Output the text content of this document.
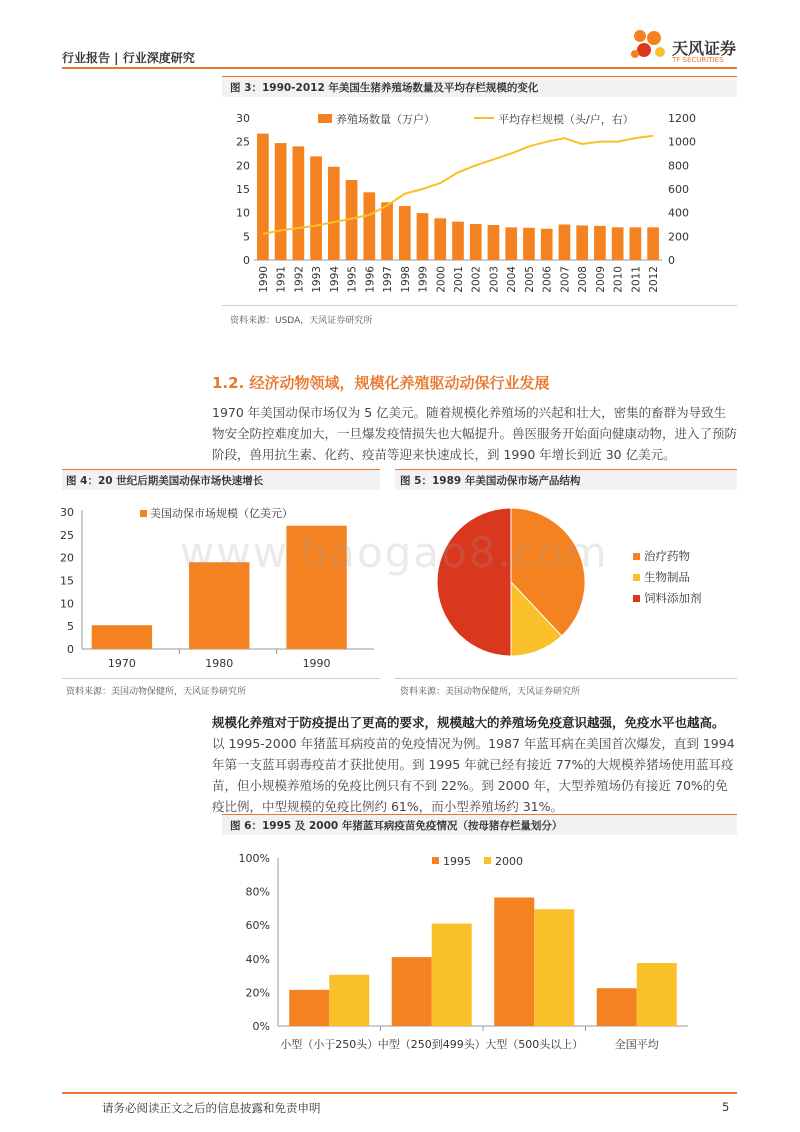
行业报告 | 行业深度研究	天风证券
TF SECURITIES
图 3：1990-2012 年美国生猪养殖场数量及平均存栏规模的变化
0
5
10
15
20
25
30
0
200
400
600
800
1000
1200
1990 1991 1992 1993 1994 1995 1996 1997 1998 1999 2000 2001 2002 2003 2004 2005 2006 2007 2008 2009 2010 2011 2012
养殖场数量（万户）	平均存栏规模（头/户，右）
资料来源：USDA，天风证券研究所
1.2. 经济动物领域，规模化养殖驱动动保行业发展
1970 年美国动保市场仅为 5 亿美元。随着规模化养殖场的兴起和壮大，密集的畜群为导致生物安全防控难度加大，一旦爆发疫情损失也大幅提升。兽医服务开始面向健康动物，进入了预防阶段，兽用抗生素、化药、疫苗等迎来快速成长，到 1990 年增长到近 30 亿美元。
图 4：20 世纪后期美国动保市场快速增长
0
5
10
15
20
25
30
1970	1980	1990
美国动保市场规模（亿美元）
资料来源：美国动物保健所，天风证券研究所
图 5：1989 年美国动保市场产品结构
治疗药物
生物制品
饲料添加剂
资料来源：美国动物保健所，天风证券研究所
www.baogao8.com
规模化养殖对于防疫提出了更高的要求，规模越大的养殖场免疫意识越强，免疫水平也越高。以 1995-2000 年猪蓝耳病疫苗的免疫情况为例。1987 年蓝耳病在美国首次爆发，直到 1994 年第一支蓝耳弱毒疫苗才获批使用。到 1995 年就已经有接近 77%的大规模养猪场使用蓝耳疫苗，但小规模养殖场的免疫比例只有不到 22%。到 2000 年，大型养殖场仍有接近 70%的免疫比例，中型规模的免疫比例约 61%，而小型养殖场约 31%。
图 6：1995 及 2000 年猪蓝耳病疫苗免疫情况（按母猪存栏量划分）
0%
20%
40%
60%
80%
100%
小型（小于250头） 中型（250到499头） 大型（500头以上）	全国平均
1995 2000
请务必阅读正文之后的信息披露和免责申明	5
